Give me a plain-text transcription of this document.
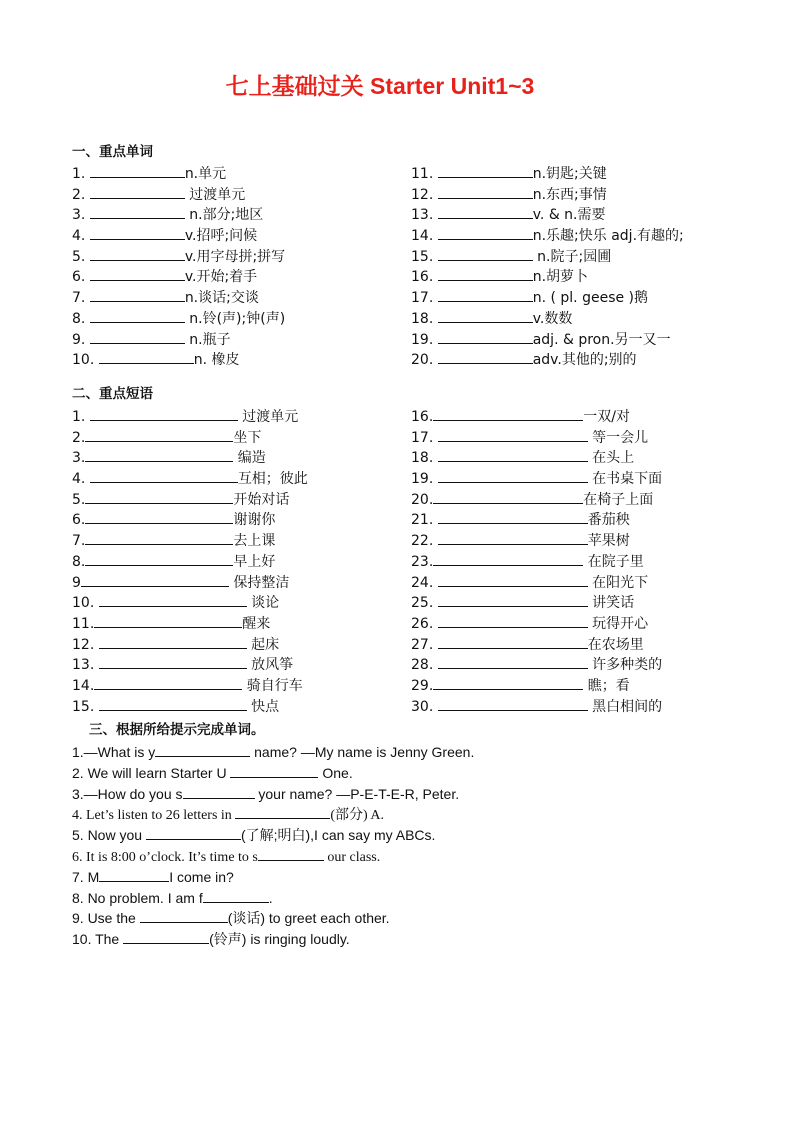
七上基础过关 Starter Unit1~3
一、重点单词
1.	n.单元
2.	过渡单元
3.	n.部分;地区
4.	v.招呼;问候
5.	v.用字母拼;拼写
6.	v.开始;着手
7.	n.谈话;交谈
8.	n.铃(声);钟(声)
9.	n.瓶子
10.	n. 橡皮
11.	n.钥匙;关键
12.	n.东西;事情
13.	v. & n.需要
14.	n.乐趣;快乐 adj.有趣的;
15.	n.院子;园圃
16.	n.胡萝卜
17.	n. ( pl. geese )鹅
18.	v.数数
19.	adj. & pron.另一又一
20.	adv.其他的;别的
二、重点短语
1.	过渡单元
2.	坐下
3.	编造
4.	互相；彼此
5.	开始对话
6.	谢谢你
7.	去上课
8.	早上好
9	保持整洁
10.	谈论
11.	醒来
12.	起床
13.	放风筝
14.	骑自行车
15.	快点
16.	一双/对
17.	等一会儿
18.	在头上
19.	在书桌下面
20.	在椅子上面
21.	番茄秧
22.	苹果树
23.	在院子里
24.	在阳光下
25.	讲笑话
26.	玩得开心
27.	在农场里
28.	许多种类的
29.	瞧；看
30.	黑白相间的
三、根据所给提示完成单词。
1.—What is y	name? —My name is Jenny Green.
2. We will learn Starter U	One.
3.—How do you s	your name? —P-E-T-E-R, Peter.
4. Let’s listen to 26 letters in	(部分) A.
5. Now you	(了解;明白),I can say my ABCs.
6. It is 8:00 o’clock. It’s time to s	our class.
7. M	I come in?
8. No problem. I am f	.
9. Use the	(谈话) to greet each other.
10. The	(铃声) is ringing loudly.
